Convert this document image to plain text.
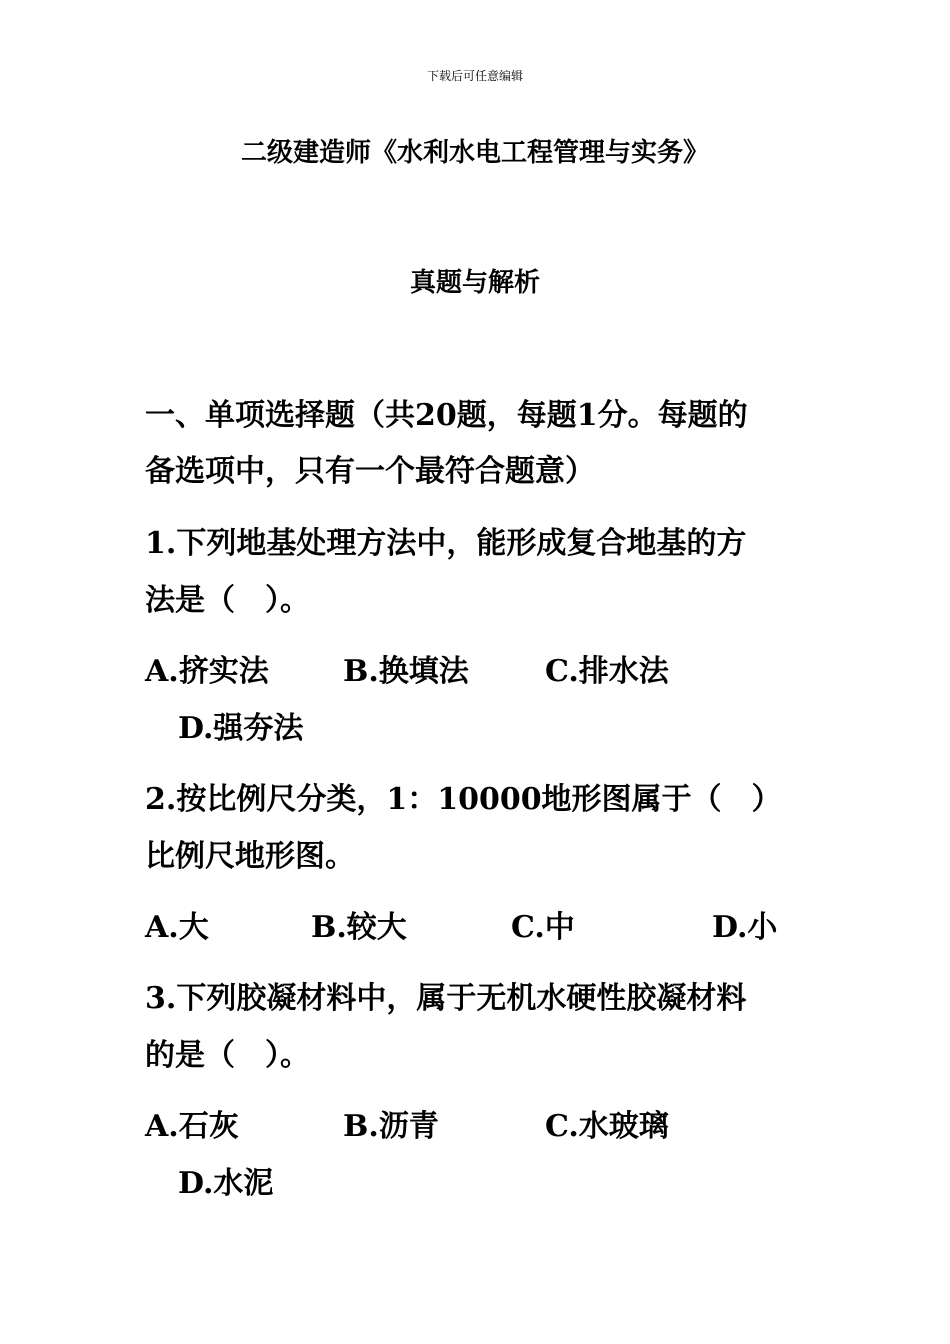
下载后可任意编辑
二级建造师《水利水电工程管理与实务》
真题与解析
一、单项选择题（共20题，每题1分。每题的
备选项中，只有一个最符合题意）
1.下列地基处理方法中，能形成复合地基的方
法是（　）。
A.挤实法 B.换填法	C.排水法
D.强夯法
2.按比例尺分类，1：10000地形图属于（　）
比例尺地形图。
A.大	B.较大	C.中	D.小
3.下列胶凝材料中，属于无机水硬性胶凝材料
的是（　）。
A.石灰	B.沥青	C.水玻璃
D.水泥
